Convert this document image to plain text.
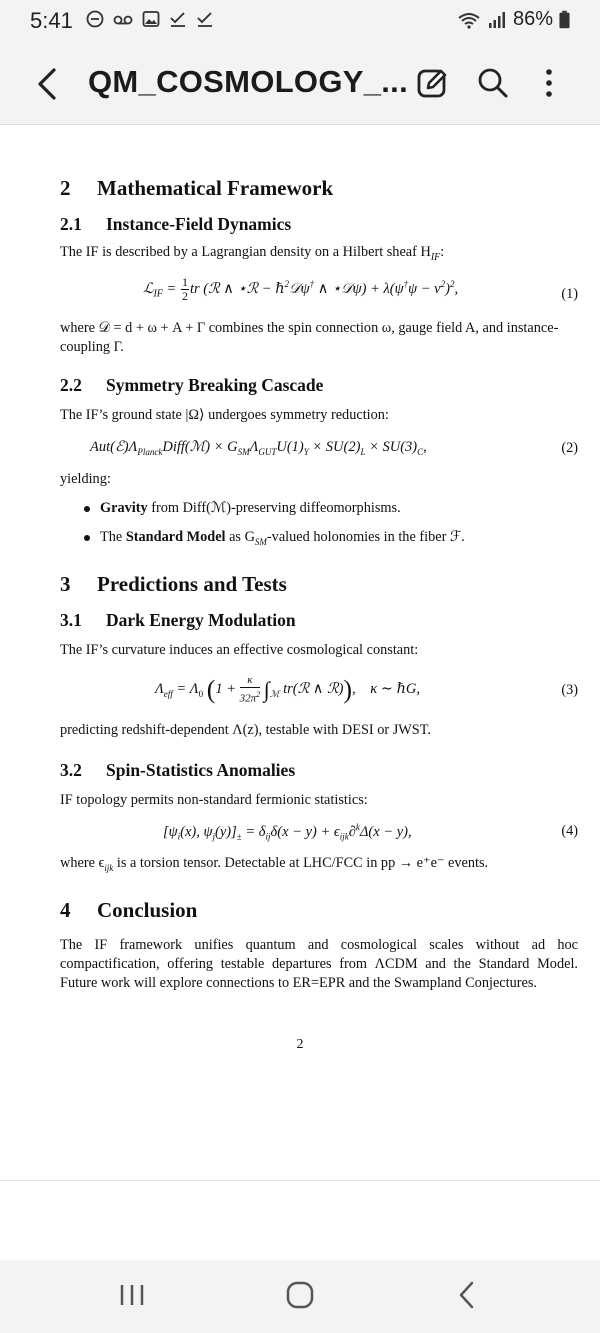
5:41	86%
QM_COSMOLOGY_...
2 Mathematical Framework
2.1 Instance-Field Dynamics
The IF is described by a Lagrangian density on a Hilbert sheaf $H_{IF}$:
ℒ$_{IF}$ = $\frac{1}{2}$ tr (ℛ ∧ ⋆ℛ − ℏ$^2$𝒟ψ† ∧ ⋆𝒟ψ) + $\lambda(\psi^\dagger\psi - v^2)^2$,	(1)
where 𝒟 = d + ω + A + Γ combines the spin connection ω, gauge field A, and instance-coupling Γ.
2.2 Symmetry Breaking Cascade
The IF’s ground state |Ω⟩ undergoes symmetry reduction:
$Aut(ℰ)\Lambda_{Planck}Diff(ℳ) \times G_{SM}\Lambda_{GUT}U(1)_Y \times SU(2)_L \times SU(3)_C$,	(2)
yielding:
Gravity from Diff(ℳ)-preserving diffeomorphisms.
The Standard Model as $G_{SM}$-valued holonomies in the fiber ℱ.
3 Predictions and Tests
3.1 Dark Energy Modulation
The IF’s curvature induces an effective cosmological constant:
$\Lambda_{eff} = \Lambda_0$ ($1 + \frac{\kappa}{32\pi^2} \int_ℳ$ tr(ℛ ∧ ℛ)),    κ ∼ ℏG,	(3)
predicting redshift-dependent Λ(z), testable with DESI or JWST.
3.2 Spin-Statistics Anomalies
IF topology permits non-standard fermionic statistics:
[$\psi_i(x)$, $\psi_j(y)]_\pm = \delta_{ij}\delta(x - y) + \epsilon_{ijk}\partial^k\Delta(x - y)$,	(4)
where $\epsilon_{ijk}$ is a torsion tensor. Detectable at LHC/FCC in pp → e⁺e⁻ events.
4 Conclusion
The IF framework unifies quantum and cosmological scales without ad hoc compactification, offering testable departures from ΛCDM and the Standard Model. Future work will explore connections to ER=EPR and the Swampland Conjectures.
2
